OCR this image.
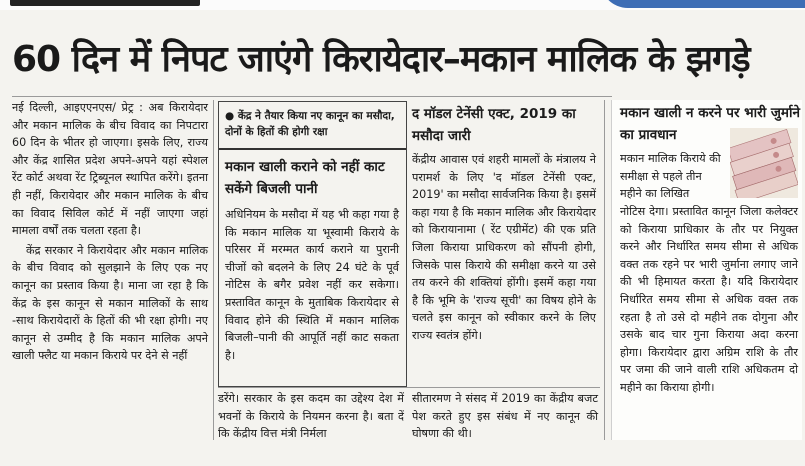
60 दिन में निपट जाएंगे किरायेदार–मकान मालिक के झगड़े

नई दिल्ली, आइएएनएस/ प्रेट्र : अब किरायेदार और मकान मालिक के बीच विवाद का निपटारा 60 दिन के भीतर हो जाएगा। इसके लिए, राज्य और केंद्र शासित प्रदेश अपने-अपने यहां स्पेशल रेंट कोर्ट अथवा रेंट ट्रिब्यूनल स्थापित करेंगे। इतना ही नहीं, किरायेदार और मकान मालिक के बीच का विवाद सिविल कोर्ट में नहीं जाएगा जहां मामला वर्षों तक चलता रहता है।

केंद्र सरकार ने किरायेदार और मकान मालिक के बीच विवाद को सुलझाने के लिए एक नए कानून का प्रस्ताव किया है। माना जा रहा है कि केंद्र के इस कानून से मकान मालिकों के साथ -साथ किरायेदारों के हितों की भी रक्षा होगी। नए कानून से उम्मीद है कि मकान मालिक अपने खाली फ्लैट या मकान किराये पर देने से नहीं

● केंद्र ने तैयार किया नए कानून का मसौदा, दोनों के हितों की होगी रक्षा
मकान खाली कराने को नहीं काट सकेंगे बिजली पानी
अधिनियम के मसौदा में यह भी कहा गया है कि मकान मालिक या भूस्वामी किराये के परिसर में मरम्मत कार्य कराने या पुरानी चीजों को बदलने के लिए 24 घंटे के पूर्व नोटिस के बगैर प्रवेश नहीं कर सकेगा। प्रस्तावित कानून के मुताबिक किरायेदार से विवाद होने की स्थिति में मकान मालिक बिजली–पानी की आपूर्ति नहीं काट सकता है।
द मॉडल टेनेंसी एक्ट, 2019 का मसौदा जारी
केंद्रीय आवास एवं शहरी मामलों के मंत्रालय ने परामर्श के लिए 'द मॉडल टेनेंसी एक्ट, 2019' का मसौदा सार्वजनिक किया है। इसमें कहा गया है कि मकान मालिक और किरायेदार को किरायानामा ( रेंट एग्रीमेंट) की एक प्रति जिला किराया प्राधिकरण को सौंपनी होगी, जिसके पास किराये की समीक्षा करने या उसे तय करने की शक्तियां होंगी। इसमें कहा गया है कि भूमि के 'राज्य सूची' का विषय होने के चलते इस कानून को स्वीकार करने के लिए राज्य स्वतंत्र होंगे।
डरेंगे। सरकार के इस कदम का उद्देश्य देश में भवनों के किराये के नियमन करना है। बता दें कि केंद्रीय वित्त मंत्री निर्मला
सीतारमण ने संसद में 2019 का केंद्रीय बजट पेश करते हुए इस संबंध में नए कानून की घोषणा की थी।
मकान खाली न करने पर भारी जुर्माने का प्रावधान
मकान मालिक किराये की समीक्षा से पहले तीन महीने का लिखित
नोटिस देगा। प्रस्तावित कानून जिला कलेक्टर को किराया प्राधिकार के तौर पर नियुक्त करने और निर्धारित समय सीमा से अधिक वक्त तक रहने पर भारी जुर्माना लगाए जाने की भी हिमायत करता है। यदि किरायेदार निर्धारित समय सीमा से अधिक वक्त तक रहता है तो उसे दो महीने तक दोगुना और उसके बाद चार गुना किराया अदा करना होगा। किरायेदार द्वारा अग्रिम राशि के तौर पर जमा की जाने वाली राशि अधिकतम दो महीने का किराया होगी।
